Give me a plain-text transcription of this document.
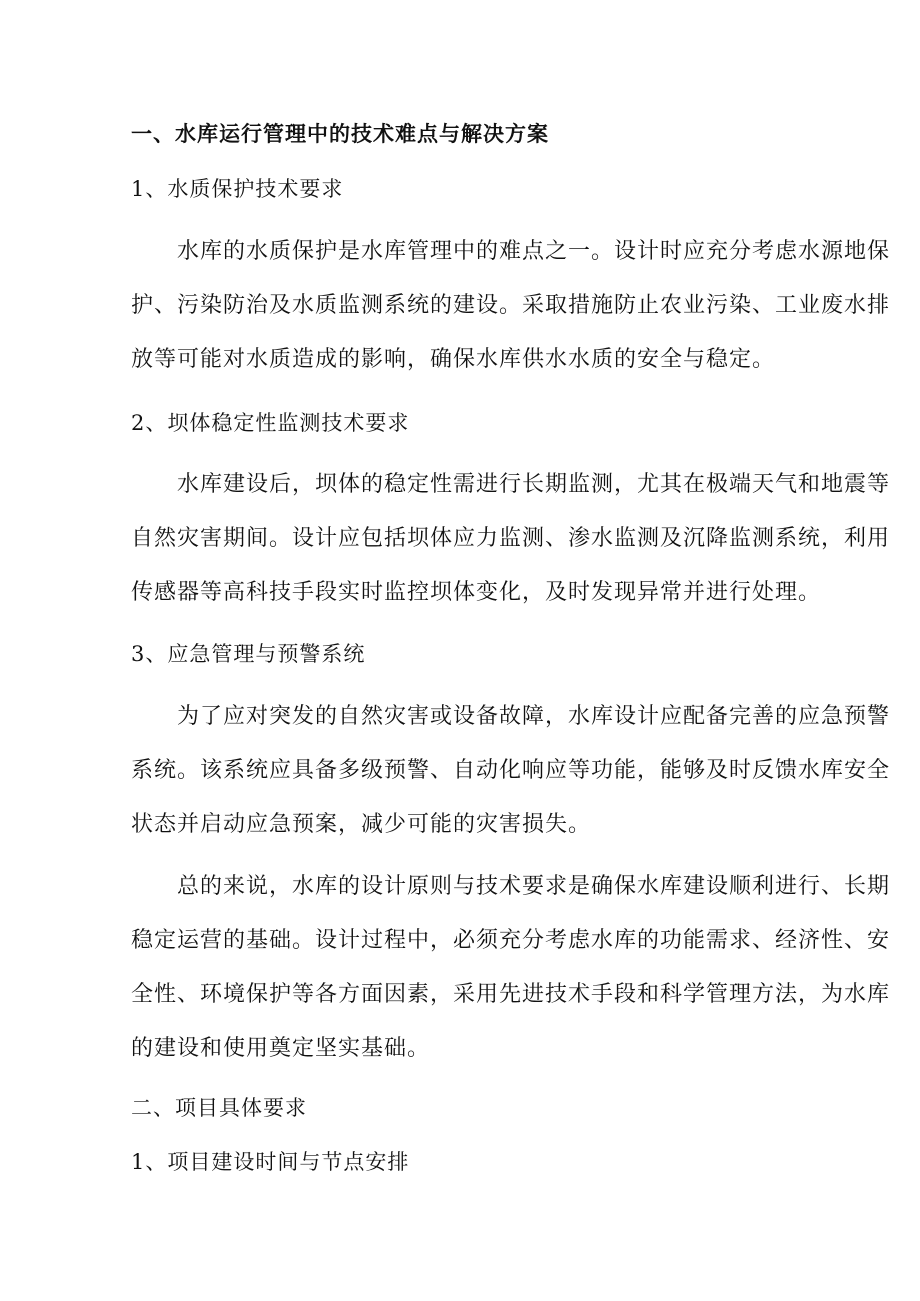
一、水库运行管理中的技术难点与解决方案
1、水质保护技术要求
水库的水质保护是水库管理中的难点之一。设计时应充分考虑水源地保
护、污染防治及水质监测系统的建设。采取措施防止农业污染、工业废水排
放等可能对水质造成的影响，确保水库供水水质的安全与稳定。
2、坝体稳定性监测技术要求
水库建设后，坝体的稳定性需进行长期监测，尤其在极端天气和地震等
自然灾害期间。设计应包括坝体应力监测、渗水监测及沉降监测系统，利用
传感器等高科技手段实时监控坝体变化，及时发现异常并进行处理。
3、应急管理与预警系统
为了应对突发的自然灾害或设备故障，水库设计应配备完善的应急预警
系统。该系统应具备多级预警、自动化响应等功能，能够及时反馈水库安全
状态并启动应急预案，减少可能的灾害损失。
总的来说，水库的设计原则与技术要求是确保水库建设顺利进行、长期
稳定运营的基础。设计过程中，必须充分考虑水库的功能需求、经济性、安
全性、环境保护等各方面因素，采用先进技术手段和科学管理方法，为水库
的建设和使用奠定坚实基础。
二、项目具体要求
1、项目建设时间与节点安排
